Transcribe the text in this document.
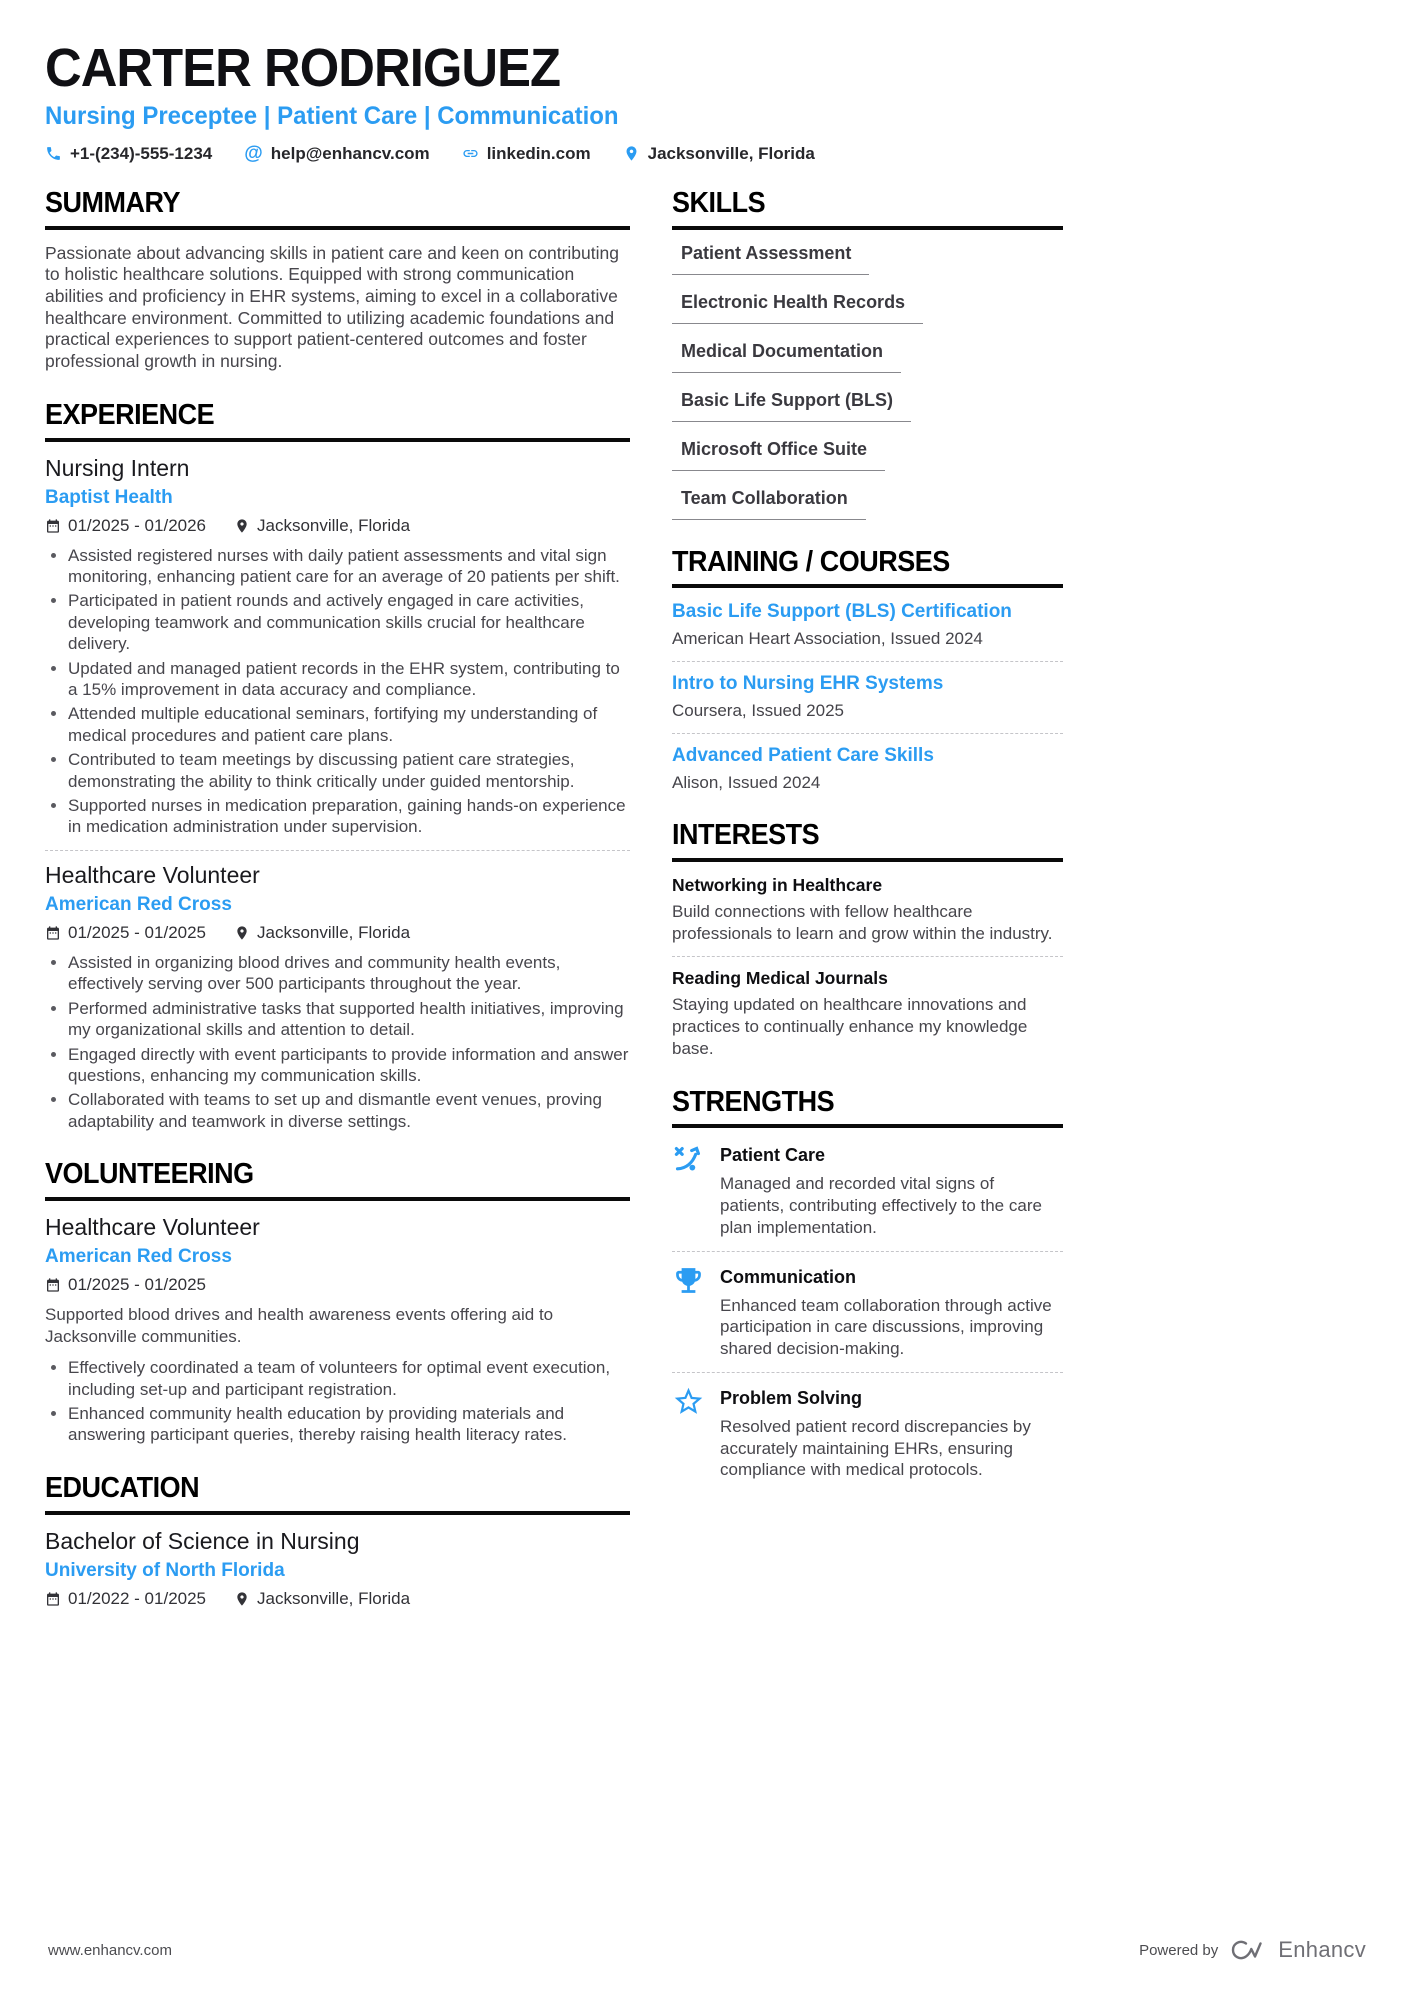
CARTER RODRIGUEZ
Nursing Preceptee | Patient Care | Communication
+1-(234)-555-1234 @ help@enhancv.com	linkedin.com	Jacksonville, Florida
SUMMARY
Passionate about advancing skills in patient care and keen on contributing to holistic healthcare solutions. Equipped with strong communication abilities and proficiency in EHR systems, aiming to excel in a collaborative healthcare environment. Committed to utilizing academic foundations and practical experiences to support patient-centered outcomes and foster professional growth in nursing.
EXPERIENCE
Nursing Intern
Baptist Health
01/2025 - 01/2026	Jacksonville, Florida
• Assisted registered nurses with daily patient assessments and vital sign monitoring, enhancing patient care for an average of 20 patients per shift.
• Participated in patient rounds and actively engaged in care activities, developing teamwork and communication skills crucial for healthcare delivery.
• Updated and managed patient records in the EHR system, contributing to a 15% improvement in data accuracy and compliance.
• Attended multiple educational seminars, fortifying my understanding of medical procedures and patient care plans.
• Contributed to team meetings by discussing patient care strategies, demonstrating the ability to think critically under guided mentorship.
• Supported nurses in medication preparation, gaining hands-on experience in medication administration under supervision.
Healthcare Volunteer
American Red Cross
01/2025 - 01/2025	Jacksonville, Florida
• Assisted in organizing blood drives and community health events, effectively serving over 500 participants throughout the year.
• Performed administrative tasks that supported health initiatives, improving my organizational skills and attention to detail.
• Engaged directly with event participants to provide information and answer questions, enhancing my communication skills.
• Collaborated with teams to set up and dismantle event venues, proving adaptability and teamwork in diverse settings.
VOLUNTEERING
Healthcare Volunteer
American Red Cross
01/2025 - 01/2025
Supported blood drives and health awareness events offering aid to Jacksonville communities.
• Effectively coordinated a team of volunteers for optimal event execution, including set-up and participant registration.
• Enhanced community health education by providing materials and answering participant queries, thereby raising health literacy rates.
EDUCATION
Bachelor of Science in Nursing
University of North Florida
01/2022 - 01/2025	Jacksonville, Florida
SKILLS
Patient Assessment
Electronic Health Records
Medical Documentation
Basic Life Support (BLS)
Microsoft Office Suite
Team Collaboration
TRAINING / COURSES
Basic Life Support (BLS) Certification
American Heart Association, Issued 2024
Intro to Nursing EHR Systems
Coursera, Issued 2025
Advanced Patient Care Skills
Alison, Issued 2024
INTERESTS
Networking in Healthcare
Build connections with fellow healthcare professionals to learn and grow within the industry.
Reading Medical Journals
Staying updated on healthcare innovations and practices to continually enhance my knowledge base.
STRENGTHS
Patient Care
Managed and recorded vital signs of patients, contributing effectively to the care plan implementation.
Communication
Enhanced team collaboration through active participation in care discussions, improving shared decision-making.
Problem Solving
Resolved patient record discrepancies by accurately maintaining EHRs, ensuring compliance with medical protocols.
www.enhancv.com	Powered by	Enhancv
